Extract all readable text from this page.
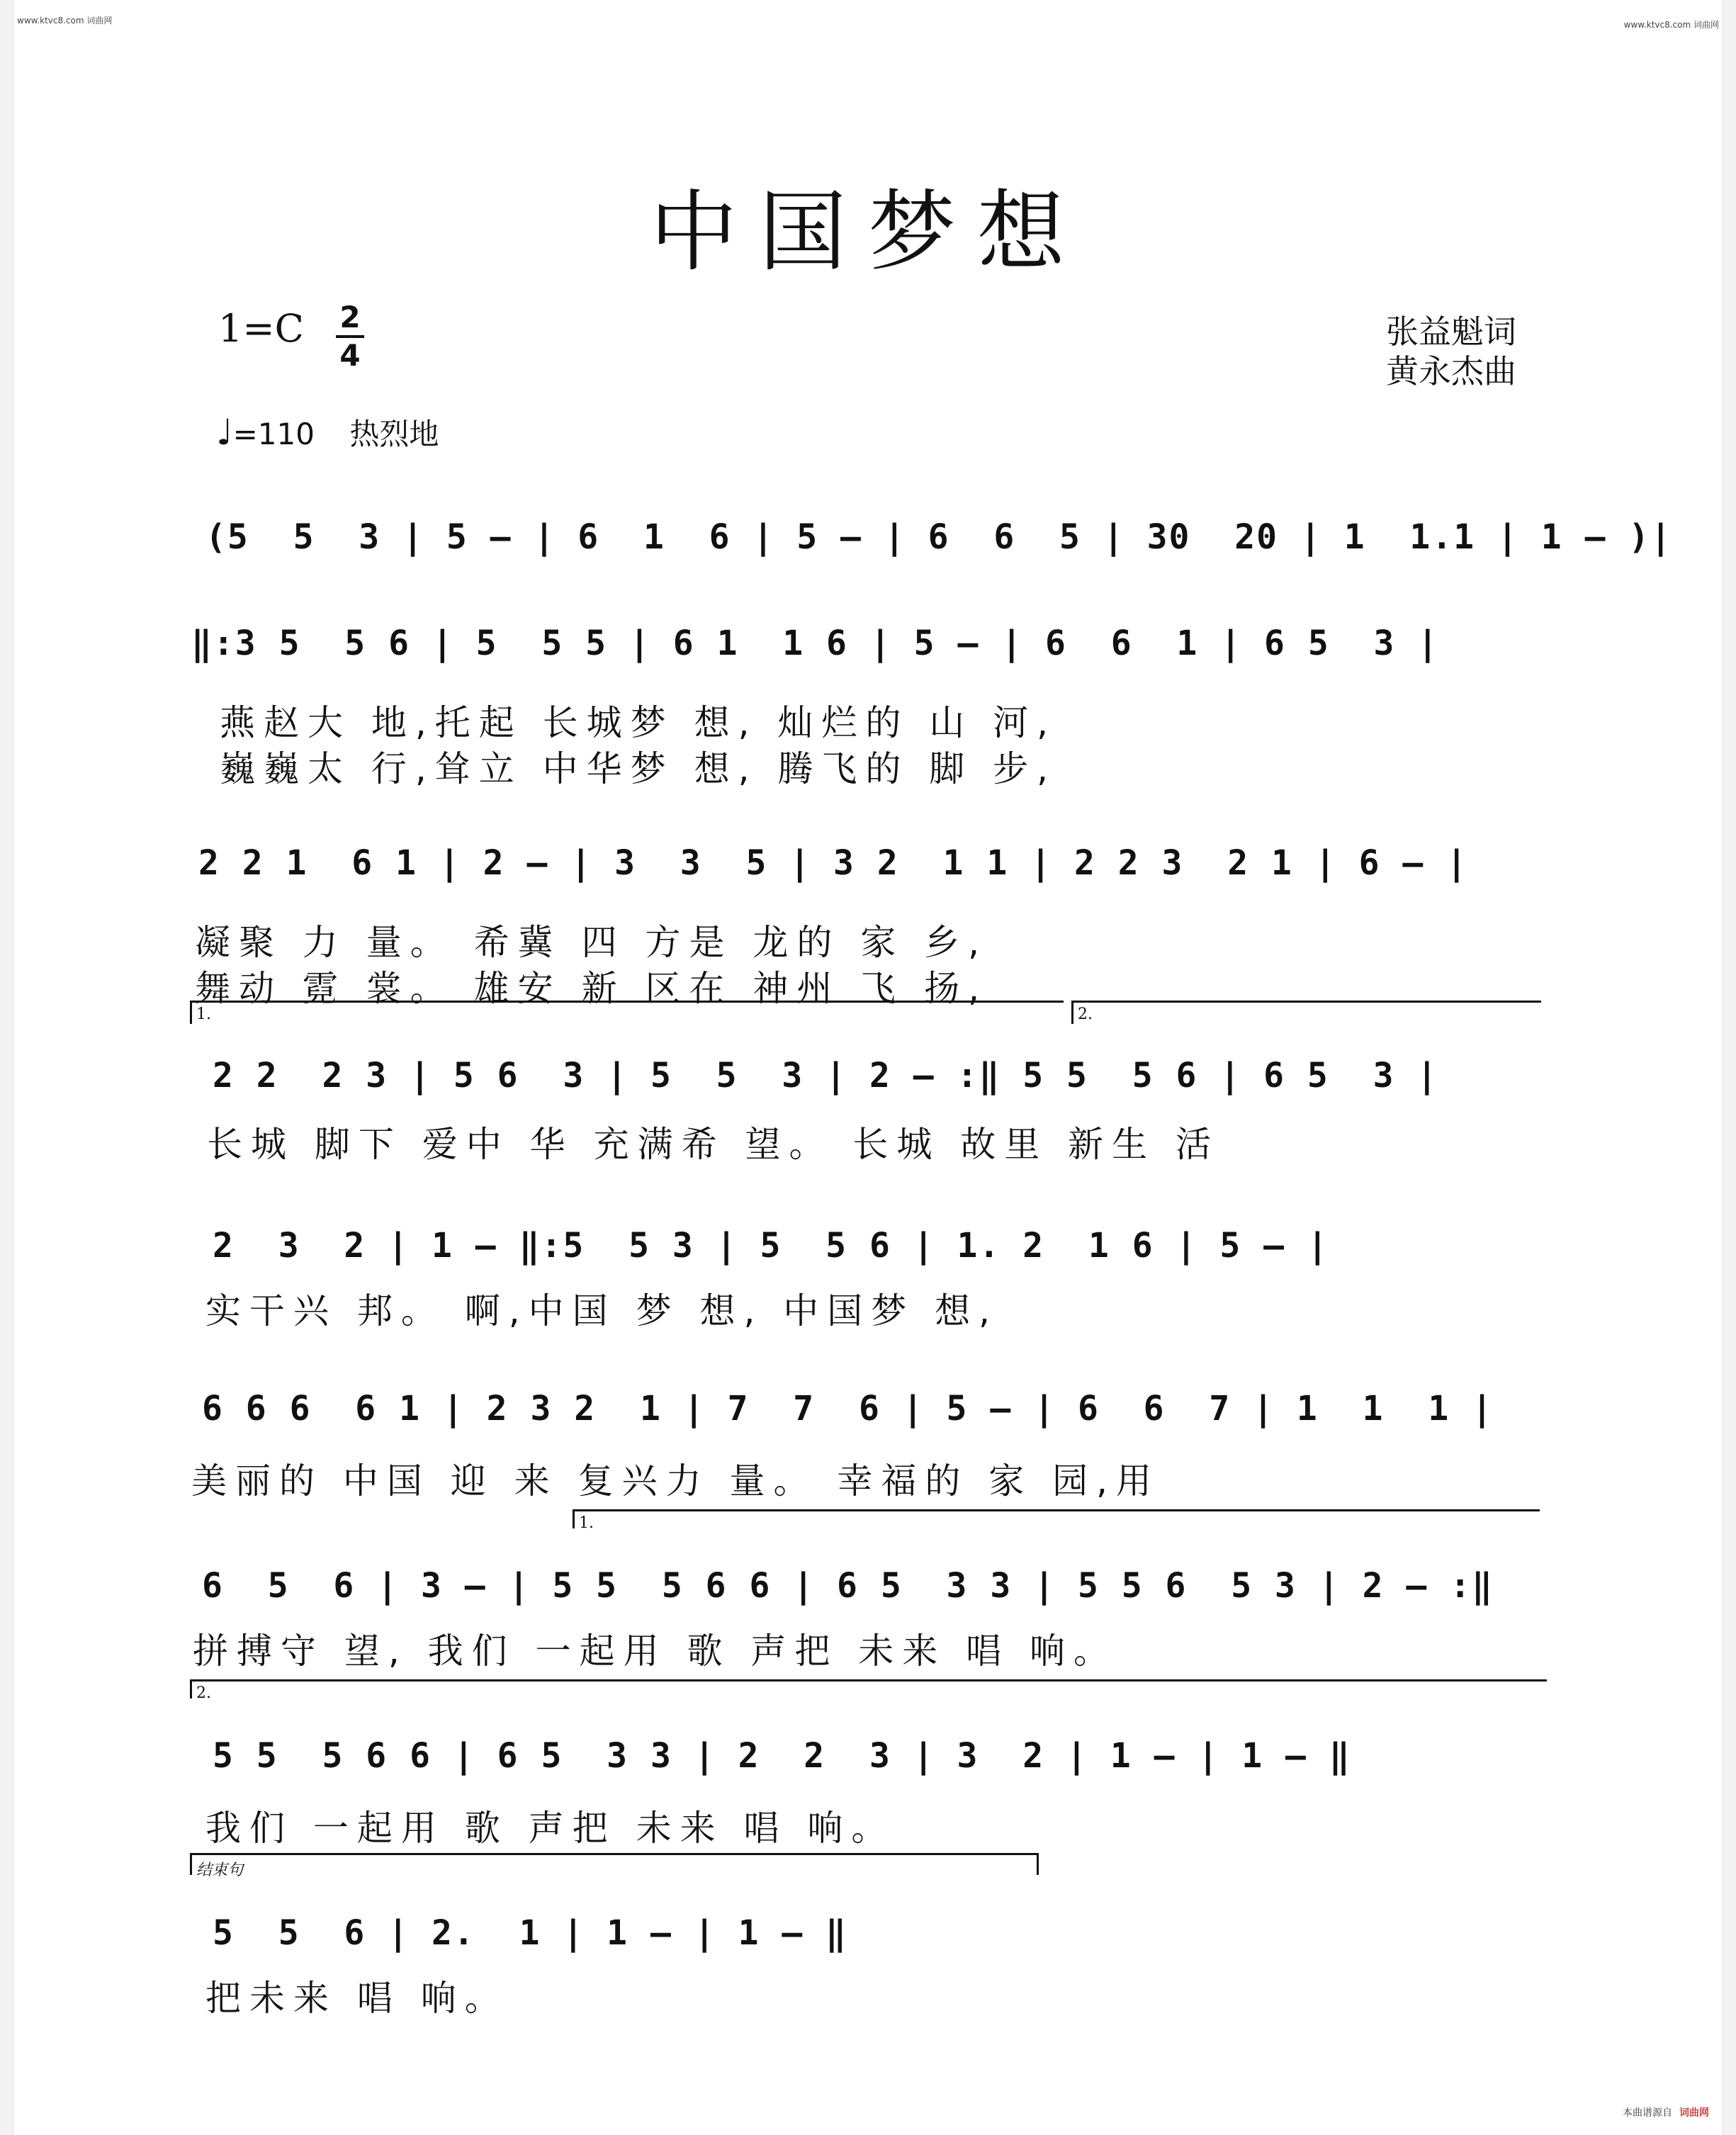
www.ktvc8.com 词曲网	www.ktvc8.com 词曲网
中国梦想
1=C 2
4
张益魁词
黄永杰曲
♩=110 热烈地
(5  5  3 | 5 – | 6  1  6 | 5 – | 6  6  5 | 30  20 | 1  1.1 | 1 – )|
‖:3 5  5 6 | 5  5 5 | 6 1  1 6 | 5 – | 6  6  1 | 6 5  3 |
燕赵大 地,托起 长城梦 想, 灿烂的 山 河,
巍巍太 行,耸立 中华梦 想, 腾飞的 脚 步,
2 2 1  6 1 | 2 – | 3  3  5 | 3 2  1 1 | 2 2 3  2 1 | 6 – |
凝聚 力 量。 希冀 四 方是 龙的 家 乡,
舞动 霓 裳。 雄安 新 区在 神州 飞 扬,
1.	2.
2 2  2 3 | 5 6  3 | 5  5  3 | 2 – :‖ 5 5  5 6 | 6 5  3 |
长城 脚下 爱中 华 充满希 望。 长城 故里 新生 活
2  3  2 | 1 – ‖:5  5 3 | 5  5 6 | 1. 2  1 6 | 5 – |
实干兴 邦。 啊,中国 梦 想, 中国梦 想,
6 6 6  6 1 | 2 3 2  1 | 7  7  6 | 5 – | 6  6  7 | 1  1  1 |
美丽的 中国 迎 来 复兴力 量。 幸福的 家 园,用
1.
6  5  6 | 3 – | 5 5  5 6 6 | 6 5  3 3 | 5 5 6  5 3 | 2 – :‖
拼搏守 望, 我们 一起用 歌 声把 未来 唱 响。
2.
5 5  5 6 6 | 6 5  3 3 | 2  2  3 | 3  2 | 1 – | 1 – ‖
我们 一起用 歌 声把 未来 唱 响。
结束句
5  5  6 | 2.  1 | 1 – | 1 – ‖
把未来 唱 响。
本曲谱源自 词曲网
